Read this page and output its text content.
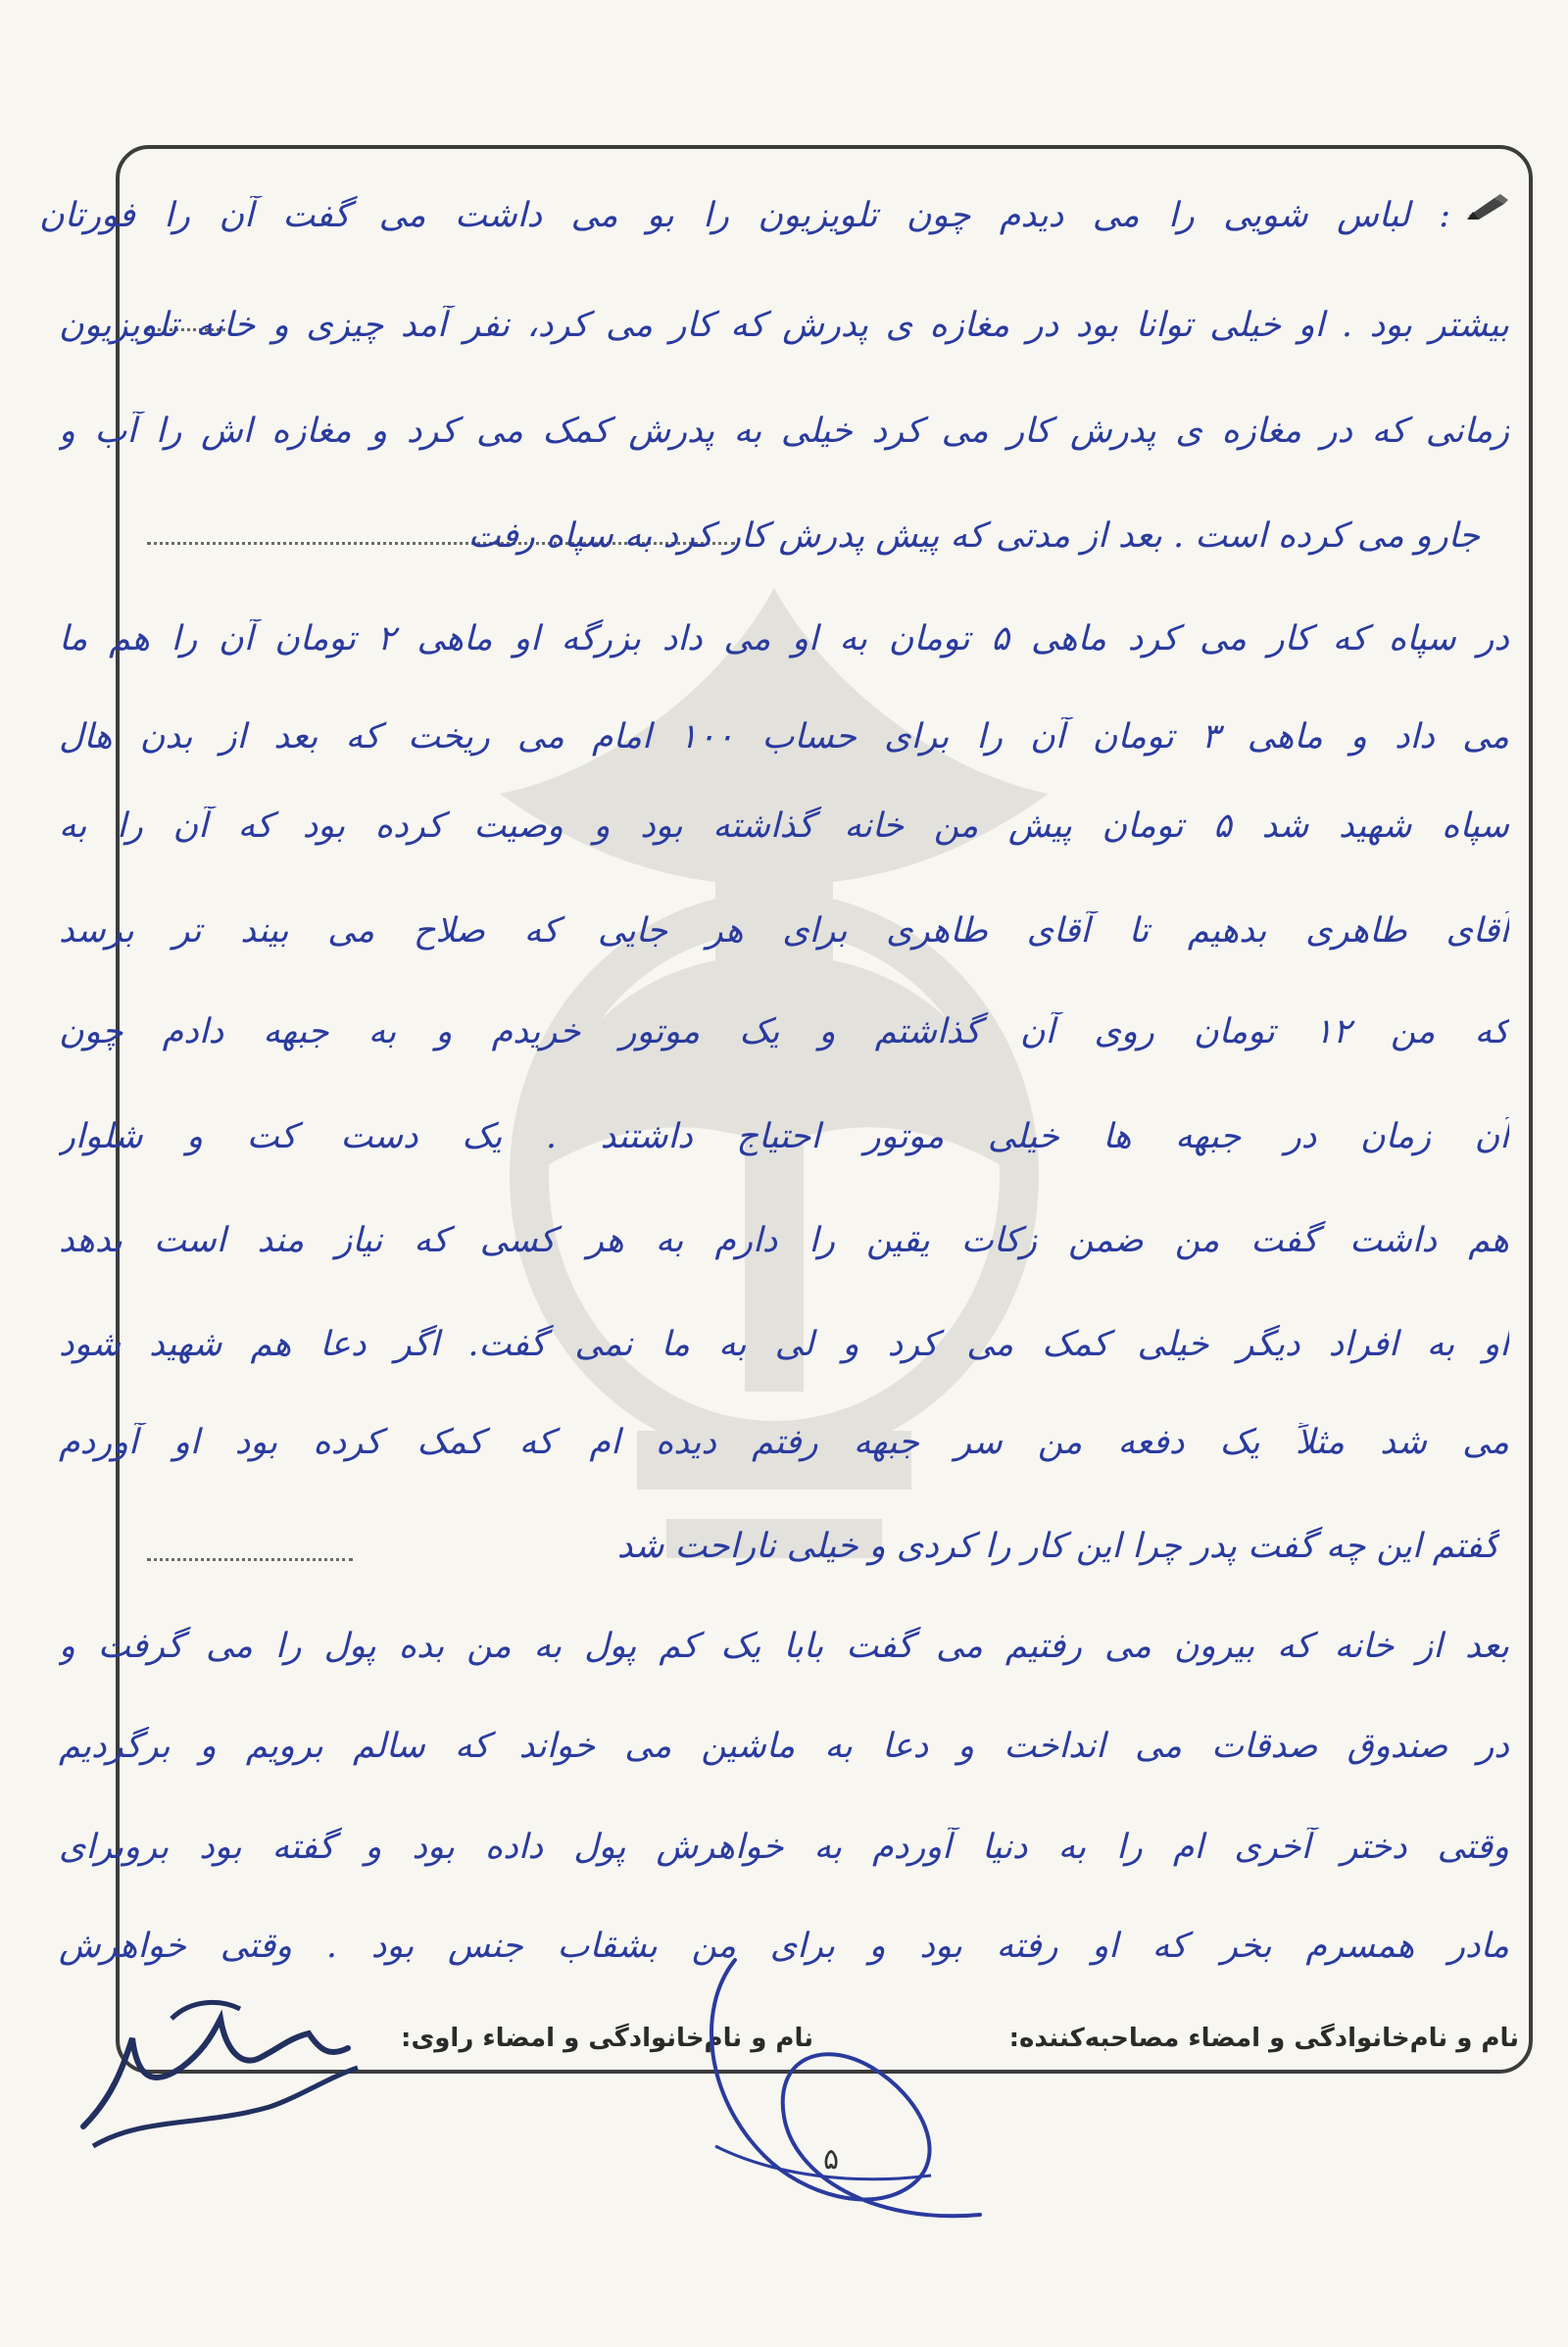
: لباس شویی را می دیدم چون تلویزیون را بو می داشت می گفت آن را فورتان
بیشتر بود . او خیلی توانا بود در مغازه ی پدرش که کار می کرد، نفر آمد چیزی و خانه تلویزیون
زمانی که در مغازه ی پدرش کار می کرد خیلی به پدرش کمک می کرد و مغازه اش را آب و
جارو می کرده است . بعد از مدتی که پیش پدرش کار کرد به سپاه رفت
در سپاه که کار می کرد ماهی ۵ تومان به او می داد بزرگه او ماهی ۲ تومان آن را هم ما
می داد و ماهی ۳ تومان آن را برای حساب ۱۰۰ امام می ریخت که بعد از بدن هال
سپاه شهید شد ۵ تومان پیش من خانه گذاشته بود و وصیت کرده بود که آن را به
آقای طاهری بدهیم تا آقای طاهری برای هر جایی که صلاح می بیند تر برسد
که من ۱۲ تومان روی آن گذاشتم و یک موتور خریدم و به جبهه دادم چون
آن زمان در جبهه ها خیلی موتور احتیاج داشتند . یک دست کت و شلوار
هم داشت گفت من ضمن زکات یقین را دارم به هر کسی که نیاز مند است بدهد
او به افراد دیگر خیلی کمک می کرد و لی به ما نمی گفت. اگر دعا هم شهید شود
می شد مثلاً یک دفعه من سر جبهه رفتم دیده ام که کمک کرده بود او آوردم
گفتم این چه گفت پدر چرا این کار را کردی و خیلی ناراحت شد
بعد از خانه که بیرون می رفتیم می گفت بابا یک کم پول به من بده پول را می گرفت و
در صندوق صدقات می انداخت و دعا به ماشین می خواند که سالم برویم و برگردیم
وقتی دختر آخری ام را به دنیا آوردم به خواهرش پول داده بود و گفته بود بروبرای
مادر همسرم بخر که او رفته بود و برای من بشقاب جنس بود . وقتی خواهرش
نام و نام‌خانوادگی و امضاء مصاحبه‌کننده:
نام و نام‌خانوادگی و امضاء راوی:
۵
